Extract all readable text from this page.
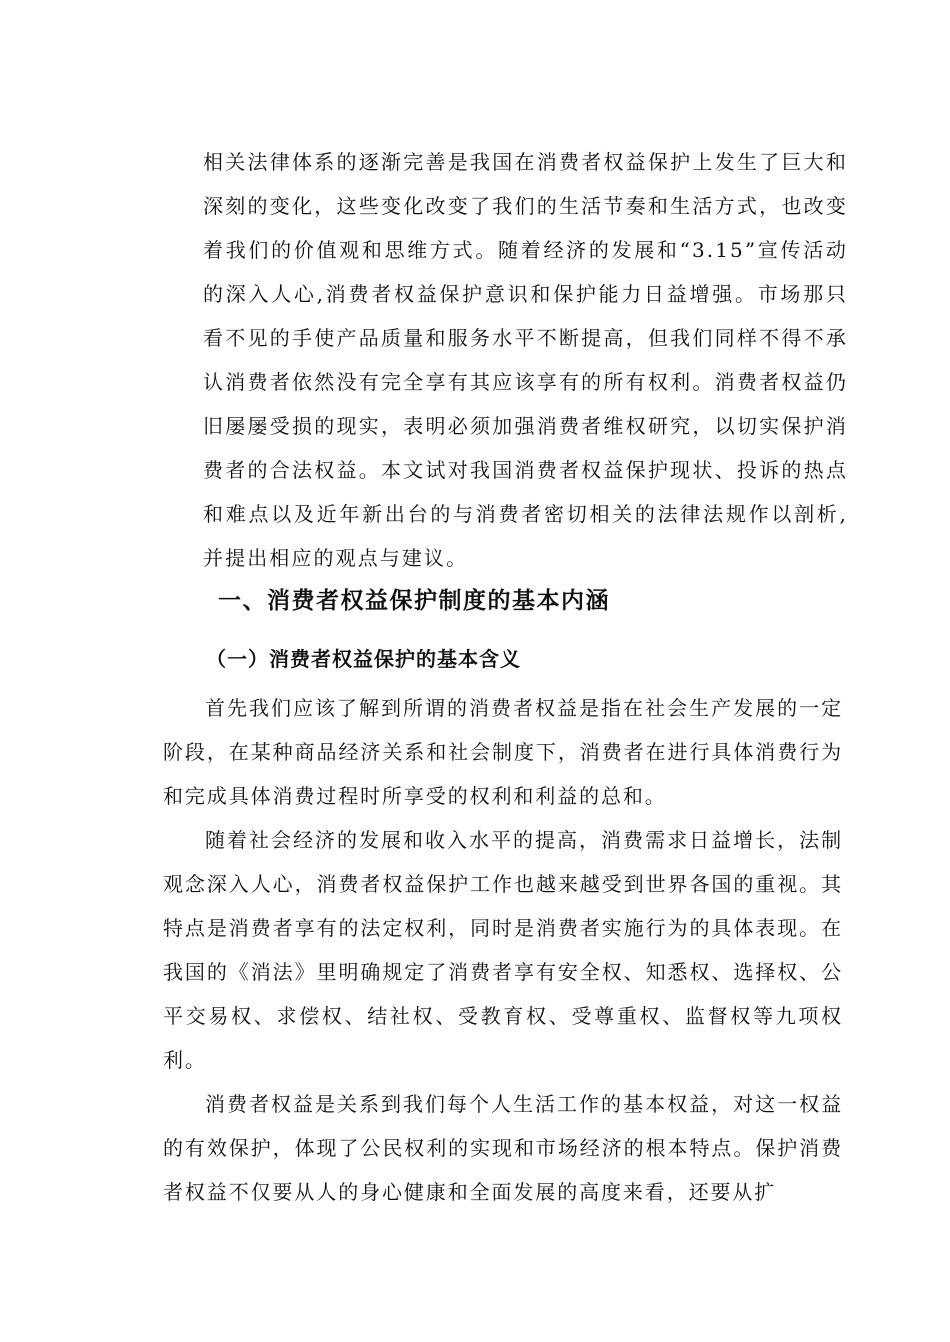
相关法律体系的逐渐完善是我国在消费者权益保护上发生了巨大和深刻的变化，这些变化改变了我们的生活节奏和生活方式，也改变着我们的价值观和思维方式。随着经济的发展和“3.15”宣传活动的深入人心,消费者权益保护意识和保护能力日益增强。市场那只看不见的手使产品质量和服务水平不断提高，但我们同样不得不承认消费者依然没有完全享有其应该享有的所有权利。消费者权益仍旧屡屡受损的现实，表明必须加强消费者维权研究，以切实保护消费者的合法权益。本文试对我国消费者权益保护现状、投诉的热点和难点以及近年新出台的与消费者密切相关的法律法规作以剖析,并提出相应的观点与建议。
一、消费者权益保护制度的基本内涵
（一）消费者权益保护的基本含义
首先我们应该了解到所谓的消费者权益是指在社会生产发展的一定阶段，在某种商品经济关系和社会制度下，消费者在进行具体消费行为和完成具体消费过程时所享受的权利和利益的总和。
随着社会经济的发展和收入水平的提高，消费需求日益增长，法制观念深入人心，消费者权益保护工作也越来越受到世界各国的重视。其特点是消费者享有的法定权利，同时是消费者实施行为的具体表现。在我国的《消法》里明确规定了消费者享有安全权、知悉权、选择权、公平交易权、求偿权、结社权、受教育权、受尊重权、监督权等九项权利。
消费者权益是关系到我们每个人生活工作的基本权益，对这一权益的有效保护，体现了公民权利的实现和市场经济的根本特点。保护消费者权益不仅要从人的身心健康和全面发展的高度来看，还要从扩
